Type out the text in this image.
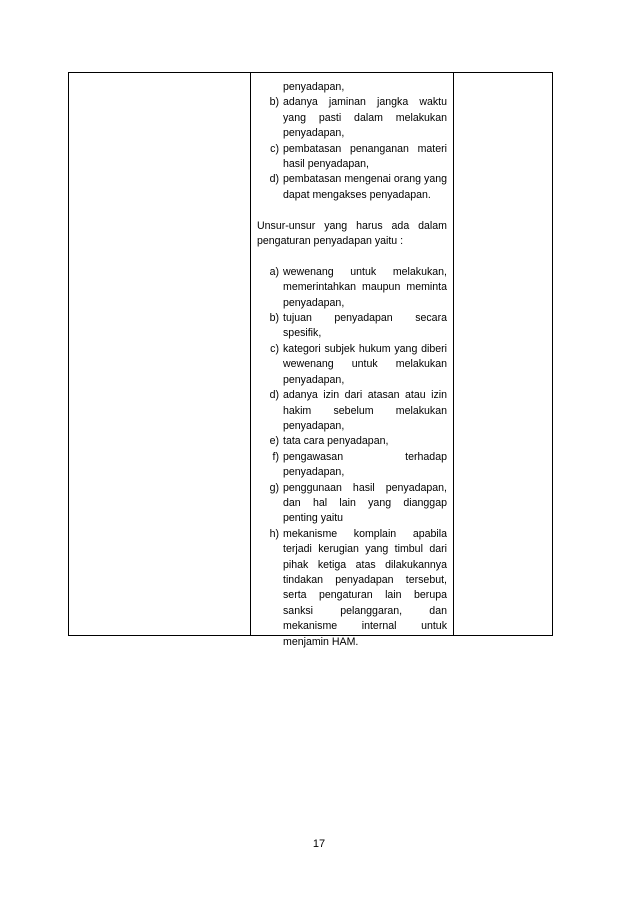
penyadapan,
b) adanya jaminan jangka waktu yang pasti dalam melakukan penyadapan,
c) pembatasan penanganan materi hasil penyadapan,
d) pembatasan mengenai orang yang dapat mengakses penyadapan.
Unsur-unsur yang harus ada dalam pengaturan penyadapan yaitu :
a) wewenang untuk melakukan, memerintahkan maupun meminta penyadapan,
b) tujuan penyadapan secara spesifik,
c) kategori subjek hukum yang diberi wewenang untuk melakukan penyadapan,
d) adanya izin dari atasan atau izin hakim sebelum melakukan penyadapan,
e) tata cara penyadapan,
f) pengawasan terhadap penyadapan,
g) penggunaan hasil penyadapan, dan hal lain yang dianggap penting yaitu
h) mekanisme komplain apabila terjadi kerugian yang timbul dari pihak ketiga atas dilakukannya tindakan penyadapan tersebut, serta pengaturan lain berupa sanksi pelanggaran, dan mekanisme internal untuk menjamin HAM.
17
